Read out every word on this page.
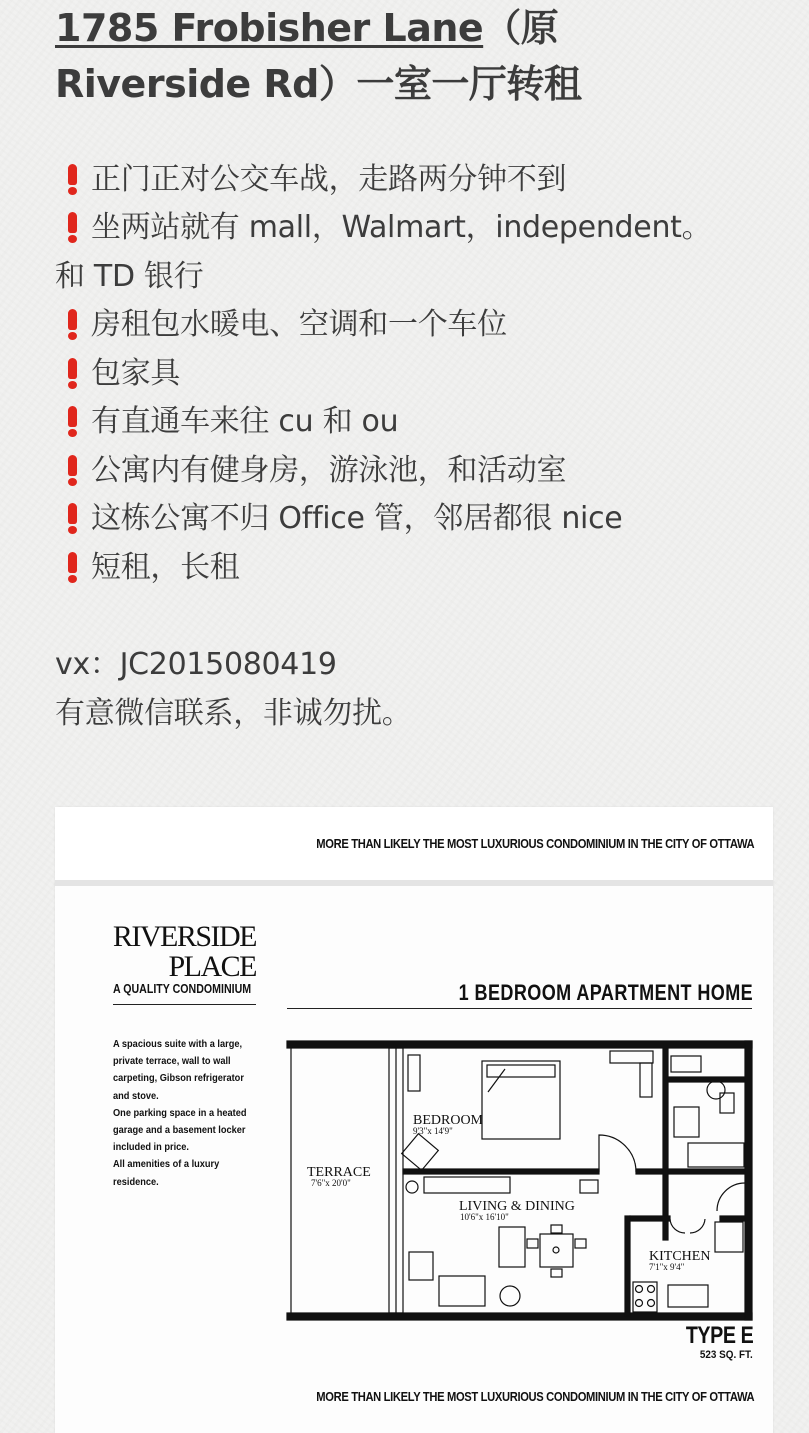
1785 Frobisher Lane（原
Riverside Rd）一室一厅转租
正门正对公交车战，走路两分钟不到
坐两站就有 mall，Walmart，independent。
和 TD 银行
房租包水暖电、空调和一个车位
包家具
有直通车来往 cu 和 ou
公寓内有健身房，游泳池，和活动室
这栋公寓不归 Office 管，邻居都很 nice
短租，长租
vx：JC2015080419
有意微信联系，非诚勿扰。
MORE THAN LIKELY THE MOST LUXURIOUS CONDOMINIUM IN THE CITY OF OTTAWA
RIVERSIDE
PLACE
A QUALITY CONDOMINIUM	1 BEDROOM APARTMENT HOME

A spacious suite with a large, private terrace, wall to wall carpeting, Gibson refrigerator and stove.

One parking space in a heated garage and a basement locker included in price.

All amenities of a luxury residence.

BEDROOM
9'3"x 14'9"
TERRACE
7'6"x 20'0"
LIVING & DINING
10'6"x 16'10"
KITCHEN
7'1"x 9'4"
TYPE E
523 SQ. FT.
MORE THAN LIKELY THE MOST LUXURIOUS CONDOMINIUM IN THE CITY OF OTTAWA
